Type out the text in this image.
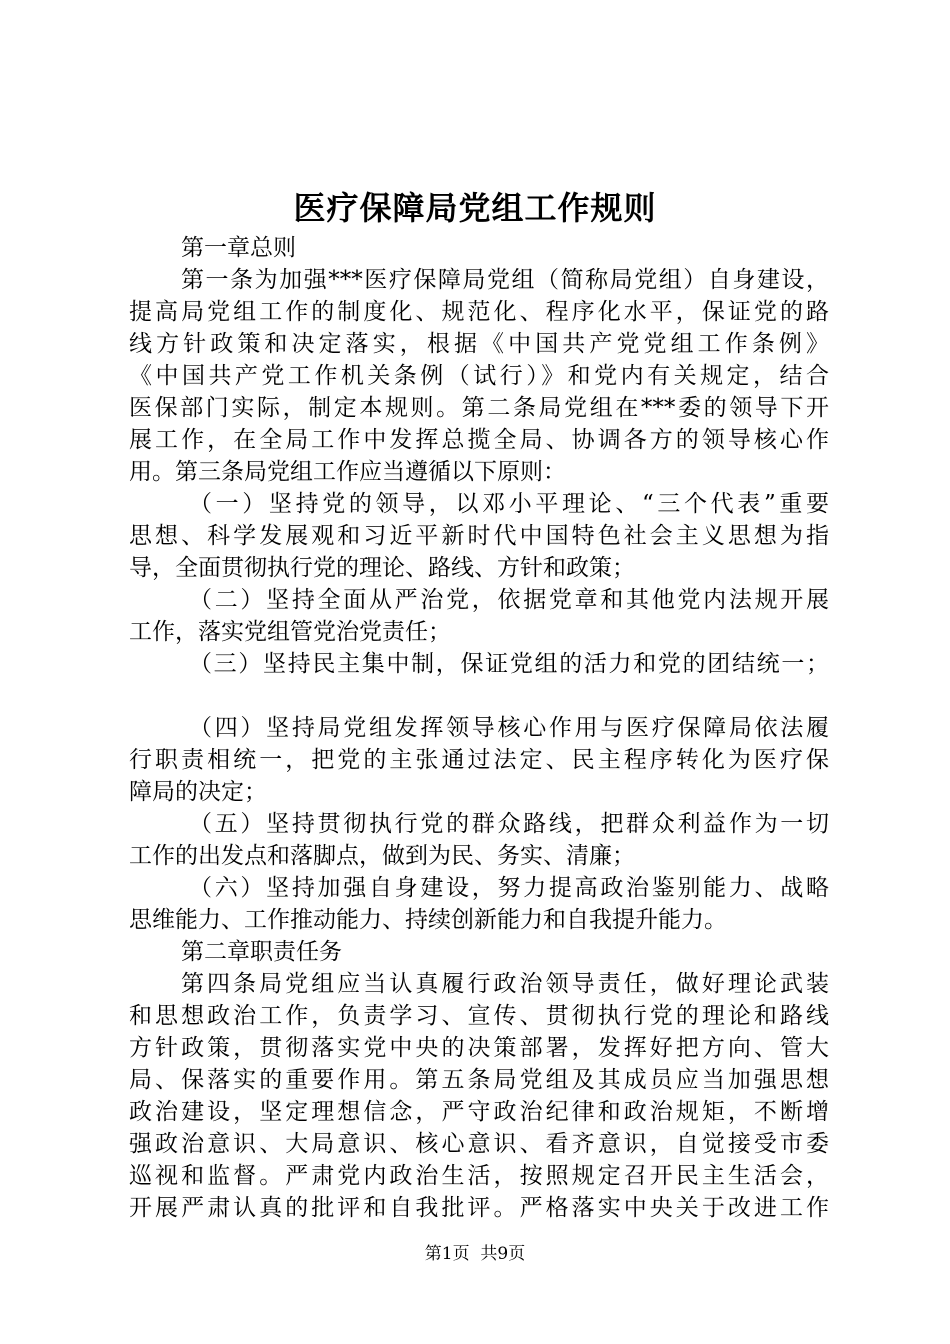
医疗保障局党组工作规则
第一章总则
第一条为加强***医疗保障局党组（简称局党组）自身建设，
提高局党组工作的制度化、规范化、程序化水平，保证党的路
线方针政策和决定落实，根据《中国共产党党组工作条例》
《中国共产党工作机关条例（试行）》和党内有关规定，结合
医保部门实际，制定本规则。第二条局党组在***委的领导下开
展工作，在全局工作中发挥总揽全局、协调各方的领导核心作
用。第三条局党组工作应当遵循以下原则：
（一）坚持党的领导，以邓小平理论、“三个代表”重要
思想、科学发展观和习近平新时代中国特色社会主义思想为指
导，全面贯彻执行党的理论、路线、方针和政策；
（二）坚持全面从严治党，依据党章和其他党内法规开展
工作，落实党组管党治党责任；
（三）坚持民主集中制，保证党组的活力和党的团结统一；
（四）坚持局党组发挥领导核心作用与医疗保障局依法履
行职责相统一，把党的主张通过法定、民主程序转化为医疗保
障局的决定；
（五）坚持贯彻执行党的群众路线，把群众利益作为一切
工作的出发点和落脚点，做到为民、务实、清廉；
（六）坚持加强自身建设，努力提高政治鉴别能力、战略
思维能力、工作推动能力、持续创新能力和自我提升能力。
第二章职责任务
第四条局党组应当认真履行政治领导责任，做好理论武装
和思想政治工作，负责学习、宣传、贯彻执行党的理论和路线
方针政策，贯彻落实党中央的决策部署，发挥好把方向、管大
局、保落实的重要作用。第五条局党组及其成员应当加强思想
政治建设，坚定理想信念，严守政治纪律和政治规矩，不断增
强政治意识、大局意识、核心意识、看齐意识，自觉接受市委
巡视和监督。严肃党内政治生活，按照规定召开民主生活会，
开展严肃认真的批评和自我批评。严格落实中央关于改进工作
第1页  共9页
